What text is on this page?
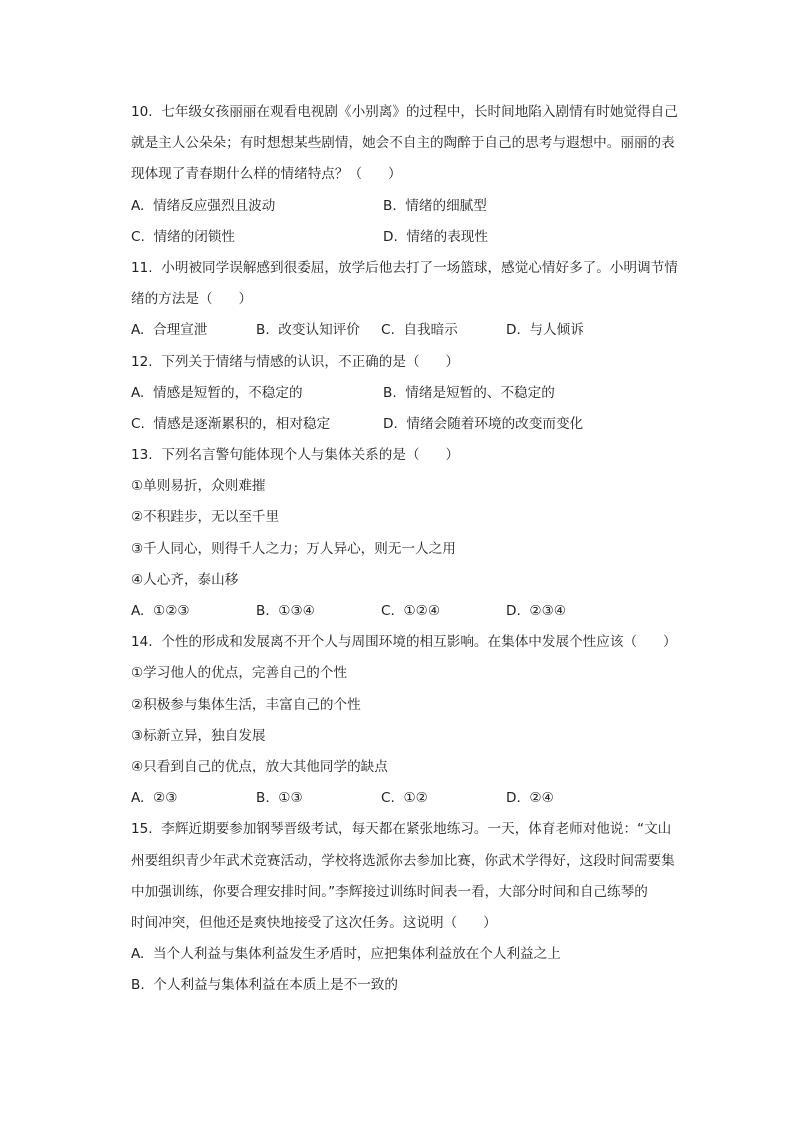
10.  七年级女孩丽丽在观看电视剧《小别离》的过程中，长时间地陷入剧情有时她觉得自己
就是主人公朵朵；有时想想某些剧情，她会不自主的陶醉于自己的思考与遐想中。丽丽的表
现体现了青春期什么样的情绪特点？（      ）
A.  情绪反应强烈且波动	B.  情绪的细腻型
C.  情绪的闭锁性	D.  情绪的表现性
11.  小明被同学误解感到很委屈，放学后他去打了一场篮球，感觉心情好多了。小明调节情
绪的方法是（      ）
A.  合理宣泄	B.  改变认知评价	C.  自我暗示	D.  与人倾诉
12.  下列关于情绪与情感的认识，不正确的是（      ）
A.  情感是短暂的，不稳定的	B.  情绪是短暂的、不稳定的
C.  情感是逐渐累积的，相对稳定	D.  情绪会随着环境的改变而变化
13.  下列名言警句能体现个人与集体关系的是（      ）
①单则易折，众则难摧
②不积跬步，无以至千里
③千人同心，则得千人之力；万人异心，则无一人之用
④人心齐，泰山移
A.  ①②③	B.  ①③④	C.  ①②④	D.  ②③④
14.  个性的形成和发展离不开个人与周围环境的相互影响。在集体中发展个性应该（      ）
①学习他人的优点，完善自己的个性
②积极参与集体生活，丰富自己的个性
③标新立异，独自发展
④只看到自己的优点，放大其他同学的缺点
A.  ②③	B.  ①③	C.  ①②	D.  ②④
15.  李辉近期要参加钢琴晋级考试，每天都在紧张地练习。一天，体育老师对他说：“文山
州要组织青少年武术竞赛活动，学校将选派你去参加比赛，你武术学得好，这段时间需要集
中加强训练，你要合理安排时间。”李辉接过训练时间表一看，大部分时间和自己练琴的
时间冲突，但他还是爽快地接受了这次任务。这说明（      ）
A.  当个人利益与集体利益发生矛盾时，应把集体利益放在个人利益之上
B.  个人利益与集体利益在本质上是不一致的
